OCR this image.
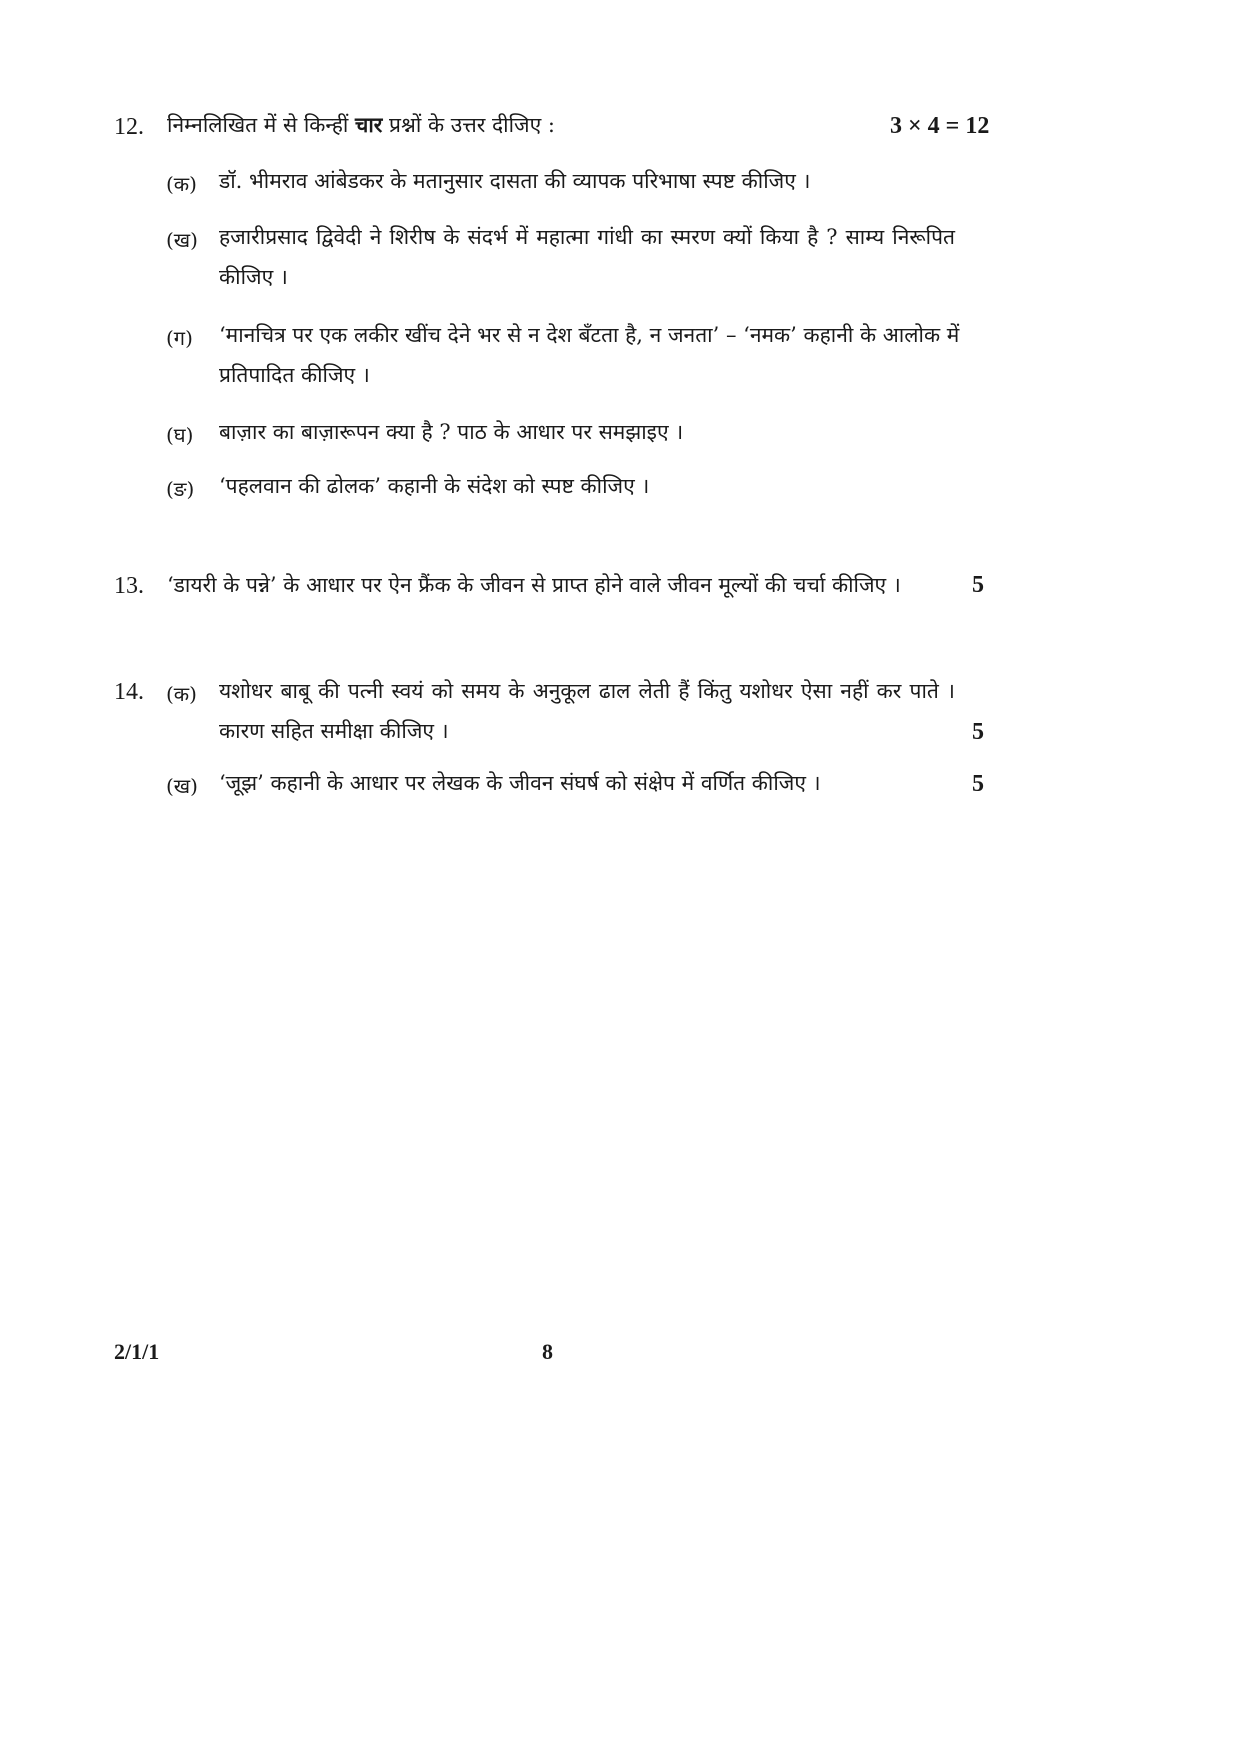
12. निम्नलिखित में से किन्हीं चार प्रश्नों के उत्तर दीजिए :	3 × 4 = 12
(क) डॉ. भीमराव आंबेडकर के मतानुसार दासता की व्यापक परिभाषा स्पष्ट कीजिए ।
(ख) हजारीप्रसाद द्विवेदी ने शिरीष के संदर्भ में महात्मा गांधी का स्मरण क्यों किया है ? साम्य निरूपित
कीजिए ।
(ग) ‘मानचित्र पर एक लकीर खींच देने भर से न देश बँटता है, न जनता’ – ‘नमक’ कहानी के आलोक में
प्रतिपादित कीजिए ।
(घ) बाज़ार का बाज़ारूपन क्या है ? पाठ के आधार पर समझाइए ।
(ङ) ‘पहलवान की ढोलक’ कहानी के संदेश को स्पष्ट कीजिए ।
13. ‘डायरी के पन्ने’ के आधार पर ऐन फ्रैंक के जीवन से प्राप्त होने वाले जीवन मूल्यों की चर्चा कीजिए ।	5
14. (क) यशोधर बाबू की पत्नी स्वयं को समय के अनुकूल ढाल लेती हैं किंतु यशोधर ऐसा नहीं कर पाते ।
कारण सहित समीक्षा कीजिए ।	5
(ख) ‘जूझ’ कहानी के आधार पर लेखक के जीवन संघर्ष को संक्षेप में वर्णित कीजिए ।	5
2/1/1	8
